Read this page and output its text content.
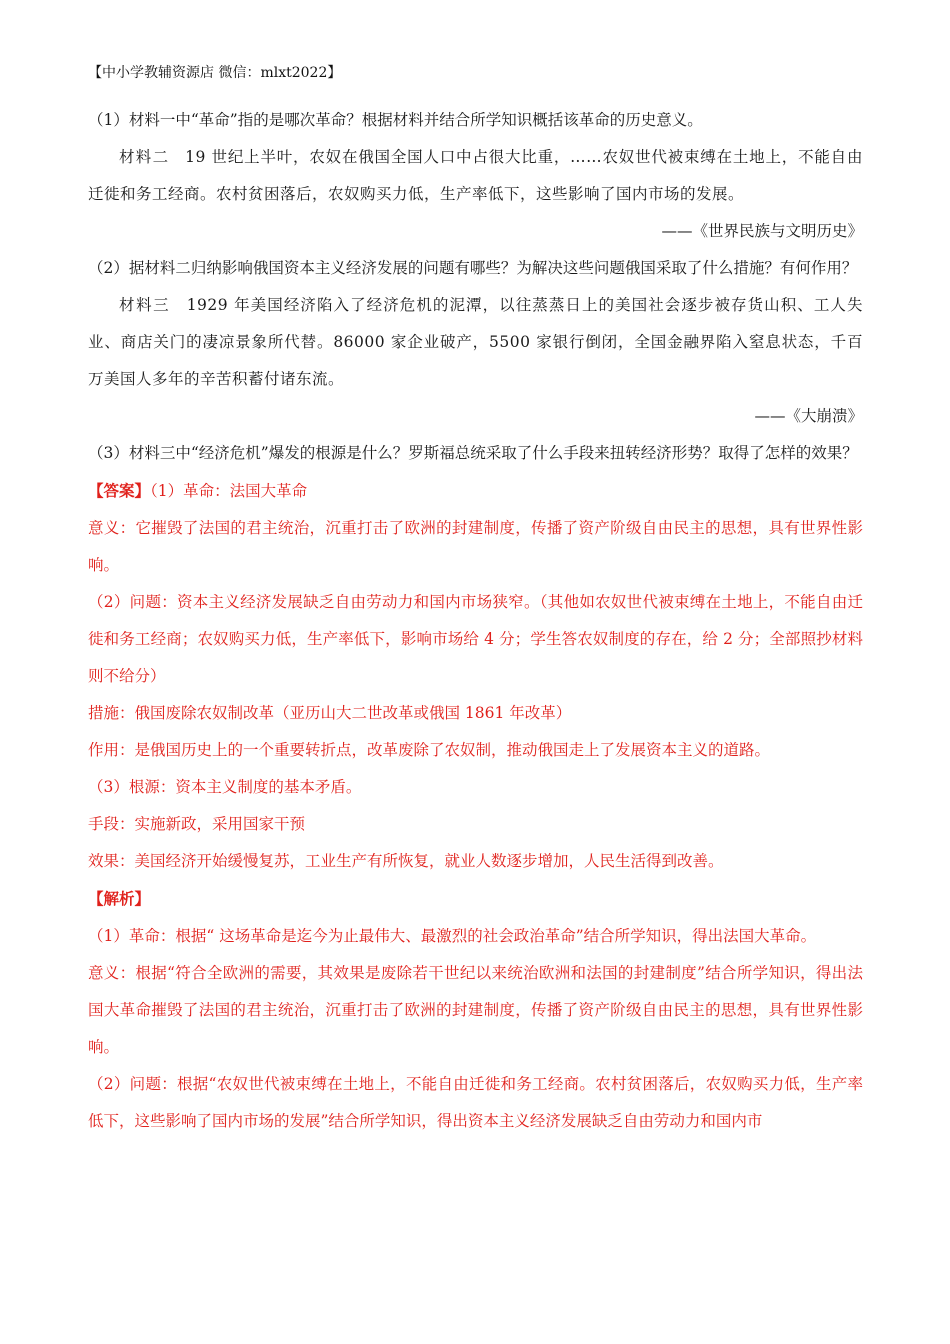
【中小学教辅资源店 微信：mlxt2022】

（1）材料一中“革命”指的是哪次革命？根据材料并结合所学知识概括该革命的历史意义。

材料二 19 世纪上半叶，农奴在俄国全国人口中占很大比重，……农奴世代被束缚在土地上，不能自由迁徙和务工经商。农村贫困落后，农奴购买力低，生产率低下，这些影响了国内市场的发展。

——《世界民族与文明历史》

（2）据材料二归纳影响俄国资本主义经济发展的问题有哪些？为解决这些问题俄国采取了什么措施？有何作用？

材料三 1929 年美国经济陷入了经济危机的泥潭，以往蒸蒸日上的美国社会逐步被存货山积、工人失业、商店关门的凄凉景象所代替。86000 家企业破产，5500 家银行倒闭，全国金融界陷入窒息状态，千百万美国人多年的辛苦积蓄付诸东流。

——《大崩溃》

（3）材料三中“经济危机”爆发的根源是什么？罗斯福总统采取了什么手段来扭转经济形势？取得了怎样的效果？

【答案】（1）革命：法国大革命

意义：它摧毁了法国的君主统治，沉重打击了欧洲的封建制度，传播了资产阶级自由民主的思想，具有世界性影响。

（2）问题：资本主义经济发展缺乏自由劳动力和国内市场狭窄。（其他如农奴世代被束缚在土地上，不能自由迁徙和务工经商；农奴购买力低，生产率低下，影响市场给 4 分；学生答农奴制度的存在，给 2 分；全部照抄材料则不给分）

措施：俄国废除农奴制改革（亚历山大二世改革或俄国 1861 年改革）

作用：是俄国历史上的一个重要转折点，改革废除了农奴制，推动俄国走上了发展资本主义的道路。

（3）根源：资本主义制度的基本矛盾。

手段：实施新政，采用国家干预

效果：美国经济开始缓慢复苏，工业生产有所恢复，就业人数逐步增加，人民生活得到改善。

【解析】

（1）革命：根据“ 这场革命是迄今为止最伟大、最激烈的社会政治革命”结合所学知识，得出法国大革命。

意义：根据“符合全欧洲的需要，其效果是废除若干世纪以来统治欧洲和法国的封建制度”结合所学知识，得出法国大革命摧毁了法国的君主统治，沉重打击了欧洲的封建制度，传播了资产阶级自由民主的思想，具有世界性影响。

（2）问题：根据“农奴世代被束缚在土地上，不能自由迁徙和务工经商。农村贫困落后，农奴购买力低，生产率低下，这些影响了国内市场的发展”结合所学知识，得出资本主义经济发展缺乏自由劳动力和国内市
